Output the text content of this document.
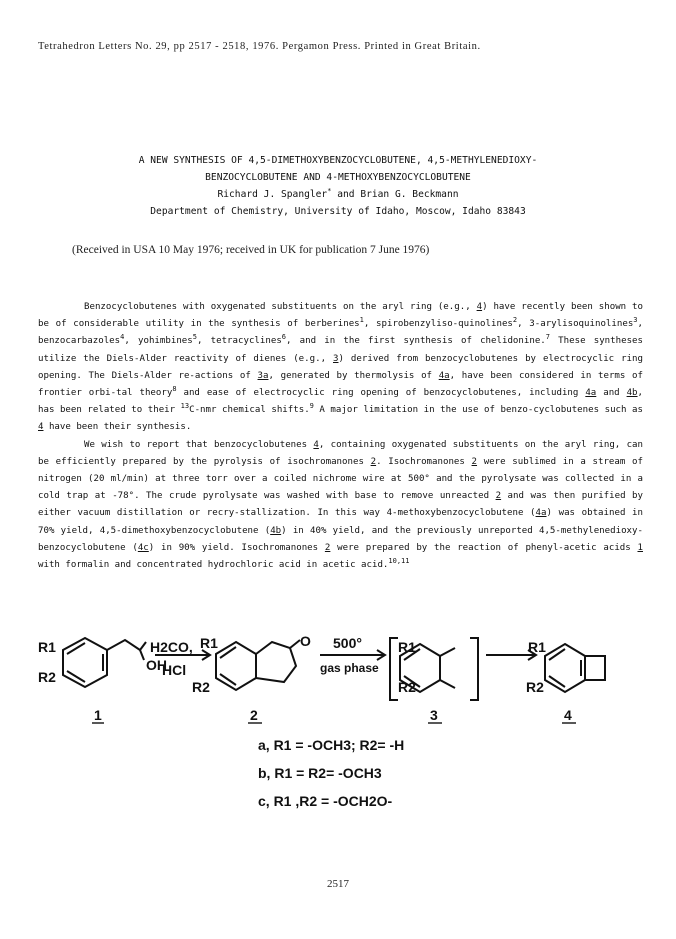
Tetrahedron Letters No. 29, pp 2517 - 2518, 1976. Pergamon Press. Printed in Great Britain.
A NEW SYNTHESIS OF 4,5-DIMETHOXYBENZOCYCLOBUTENE, 4,5-METHYLENEDIOXY-
BENZOCYCLOBUTENE AND 4-METHOXYBENZOCYCLOBUTENE
Richard J. Spangler* and Brian G. Beckmann
Department of Chemistry, University of Idaho, Moscow, Idaho 83843
(Received in USA 10 May 1976; received in UK for publication 7 June 1976)

Benzocyclobutenes with oxygenated substituents on the aryl ring (e.g., 4) have recently been shown to be of considerable utility in the synthesis of berberines$^1$, spirobenzyliso-quinolines$^2$, 3-arylisoquinolines$^3$, benzocarbazoles$^4$, yohimbines$^5$, tetracyclines$^6$, and in the first synthesis of chelidonine.$^7$ These syntheses utilize the Diels-Alder reactivity of dienes (e.g., 3) derived from benzocyclobutenes by electrocyclic ring opening. The Diels-Alder re-actions of 3a, generated by thermolysis of 4a, have been considered in terms of frontier orbi-tal theory$^8$ and ease of electrocyclic ring opening of benzocyclobutenes, including 4a and 4b, has been related to their $^{13}$C-nmr chemical shifts.$^9$ A major limitation in the use of benzo-cyclobutenes such as 4 have been their synthesis.

We wish to report that benzocyclobutenes 4, containing oxygenated substituents on the aryl ring, can be efficiently prepared by the pyrolysis of isochromanones 2. Isochromanones 2 were sublimed in a stream of nitrogen (20 ml/min) at three torr over a coiled nichrome wire at 500° and the pyrolysate was collected in a cold trap at -78°. The crude pyrolysate was washed with base to remove unreacted 2 and was then purified by either vacuum distillation or recry-stallization. In this way 4-methoxybenzocyclobutene (4a) was obtained in 70% yield, 4,5-dimethoxybenzocyclobutene (4b) in 40% yield, and the previously unreported 4,5-methylenedioxy-benzocyclobutene (4c) in 90% yield. Isochromanones 2 were prepared by the reaction of phenyl-acetic acids 1 with formalin and concentrated hydrochloric acid in acetic acid.$^{10,11}$

R1
R2
OH
H2CO,
HCl
R1
R2
O 500°
gas phase
R1
R2
R1
R2
1	2	3	4
a, R1 = -OCH3; R2= -H
b, R1 = R2= -OCH3
c, R1 ,R2 = -OCH2O-
2517
